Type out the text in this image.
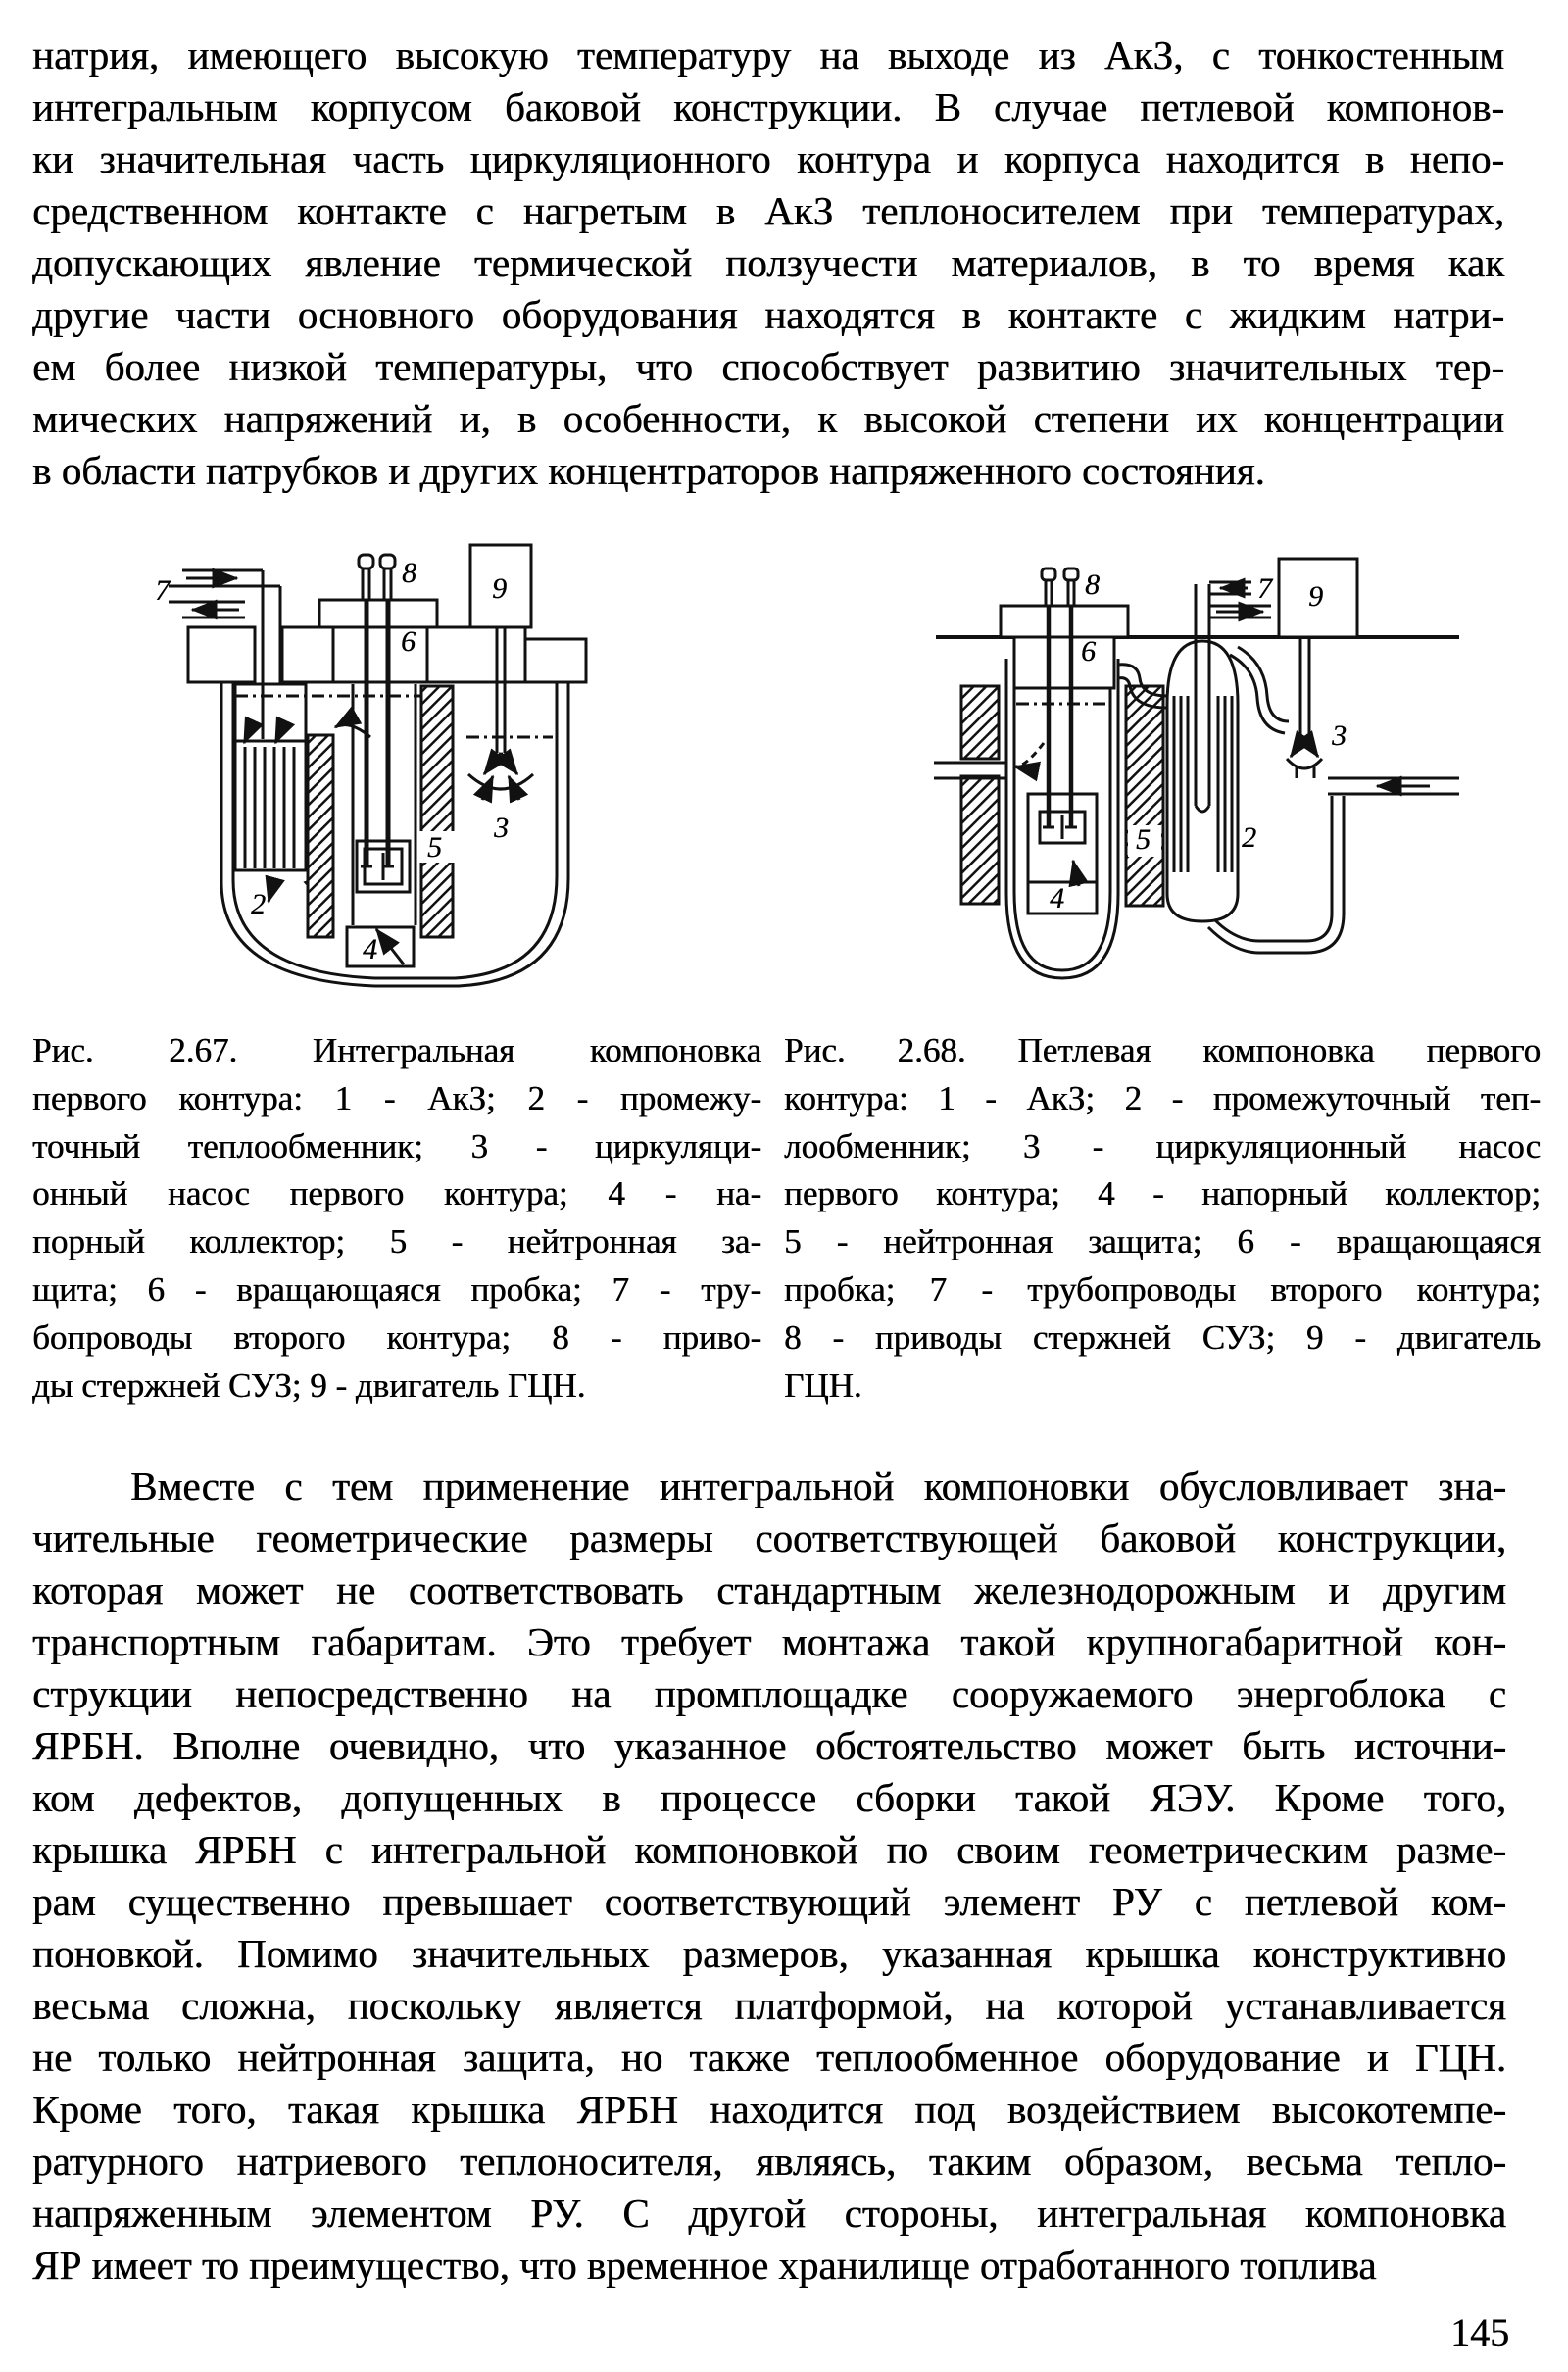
натрия, имеющего высокую температуру на выходе из АкЗ, с тонкостенным
интегральным корпусом баковой конструкции. В случае петлевой компонов-
ки значительная часть циркуляционного контура и корпуса находится в непо-
средственном контакте с нагретым в АкЗ теплоносителем при температурах,
допускающих явление термической ползучести материалов, в то время как
другие части основного оборудования находятся в контакте с жидким натри-
ем более низкой температуры, что способствует развитию значительных тер-
мических напряжений и, в особенности, к высокой степени их концентрации
в области патрубков и других концентраторов напряженного состояния.
7
8	9
6
2
5
3
4
8	7 9
6
3
2
5
4
Рис. 2.67. Интегральная компоновка
первого контура: 1 - АкЗ; 2 - промежу-
точный теплообменник; 3 - циркуляци-
онный насос первого контура; 4 - на-
порный коллектор; 5 - нейтронная за-
щита; 6 - вращающаяся пробка; 7 - тру-
бопроводы второго контура; 8 - приво-
ды стержней СУЗ; 9 - двигатель ГЦН.
Рис. 2.68. Петлевая компоновка первого
контура: 1 - АкЗ; 2 - промежуточный теп-
лообменник; 3 - циркуляционный насос
первого контура; 4 - напорный коллектор;
5 - нейтронная защита; 6 - вращающаяся
пробка; 7 - трубопроводы второго контура;
8 - приводы стержней СУЗ; 9 - двигатель
ГЦН.
Вместе с тем применение интегральной компоновки обусловливает зна-
чительные геометрические размеры соответствующей баковой конструкции,
которая может не соответствовать стандартным железнодорожным и другим
транспортным габаритам. Это требует монтажа такой крупногабаритной кон-
струкции непосредственно на промплощадке сооружаемого энергоблока с
ЯРБН. Вполне очевидно, что указанное обстоятельство может быть источни-
ком дефектов, допущенных в процессе сборки такой ЯЭУ. Кроме того,
крышка ЯРБН с интегральной компоновкой по своим геометрическим разме-
рам существенно превышает соответствующий элемент РУ с петлевой ком-
поновкой. Помимо значительных размеров, указанная крышка конструктивно
весьма сложна, поскольку является платформой, на которой устанавливается
не только нейтронная защита, но также теплообменное оборудование и ГЦН.
Кроме того, такая крышка ЯРБН находится под воздействием высокотемпе-
ратурного натриевого теплоносителя, являясь, таким образом, весьма тепло-
напряженным элементом РУ. С другой стороны, интегральная компоновка
ЯР имеет то преимущество, что временное хранилище отработанного топлива
145
